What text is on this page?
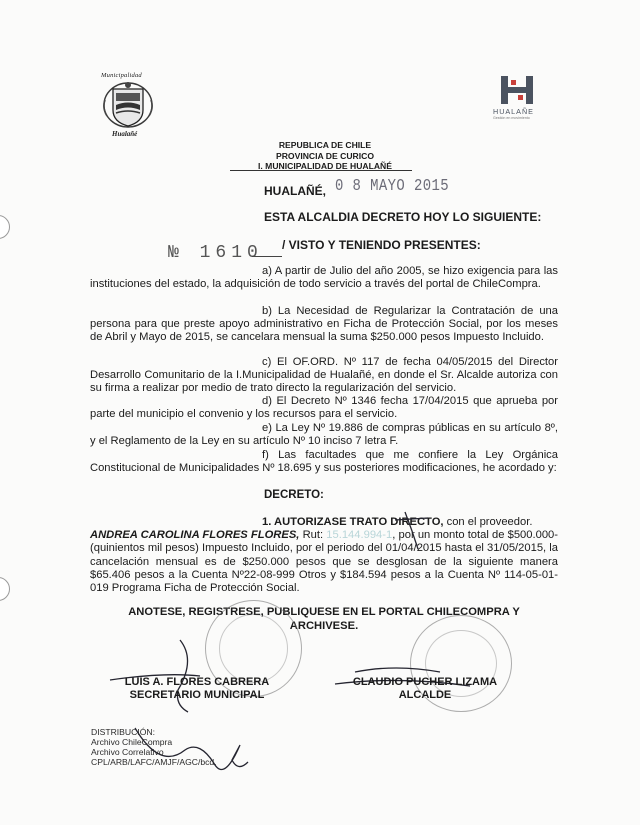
Municipalidad
Hualañé
HUALAÑE
Gestión en movimiento
REPUBLICA DE CHILE
PROVINCIA DE CURICO
I. MUNICIPALIDAD DE HUALAÑÉ
HUALAÑÉ, 0 8 MAYO 2015
ESTA ALCALDIA DECRETO HOY LO SIGUIENTE:
№ 1610 / VISTO Y TENIENDO PRESENTES:
a) A partir de Julio del año 2005, se hizo exigencia para las instituciones del estado, la adquisición de todo servicio a través del portal de ChileCompra.
b) La Necesidad de Regularizar la Contratación de una persona para que preste apoyo administrativo en Ficha de Protección Social, por los meses de Abril y Mayo de 2015, se cancelara mensual la suma $250.000 pesos Impuesto Incluido.
c) El OF.ORD. Nº 117 de fecha 04/05/2015 del Director Desarrollo Comunitario de la I.Municipalidad de Hualañé, en donde el Sr. Alcalde autoriza con su firma a realizar por medio de trato directo la regularización del servicio.
d) El Decreto Nº 1346 fecha 17/04/2015 que aprueba por parte del municipio el convenio y los recursos para el servicio.
e) La Ley Nº 19.886 de compras públicas en su artículo 8º, y el Reglamento de la Ley en su artículo Nº 10 inciso 7 letra F.
f) Las facultades que me confiere la Ley Orgánica Constitucional de Municipalidades Nº 18.695 y sus posteriores modificaciones, he acordado y:
DECRETO:
1. AUTORIZASE TRATO DIRECTO, con el proveedor.
ANDREA CAROLINA FLORES FLORES, Rut: 15.144.994-1, por un monto total de $500.000- (quinientos mil pesos) Impuesto Incluido, por el periodo del 01/04/2015 hasta el 31/05/2015, la cancelación mensual es de $250.000 pesos que se desglosan de la siguiente manera $65.406 pesos a la Cuenta Nº22-08-999 Otros y $184.594 pesos a la Cuenta Nº 114-05-01-019 Programa Ficha de Protección Social.
ANOTESE, REGISTRESE, PUBLIQUESE EN EL PORTAL CHILECOMPRA Y
ARCHIVESE.
LUIS A. FLORES CABRERA
SECRETARIO MUNICIPAL
CLAUDIO PUCHER LIZAMA
ALCALDE
DISTRIBUCIÓN:
Archivo ChileCompra
Archivo Correlativo
CPL/ARB/LAFC/AMJF/AGC/bcd.
